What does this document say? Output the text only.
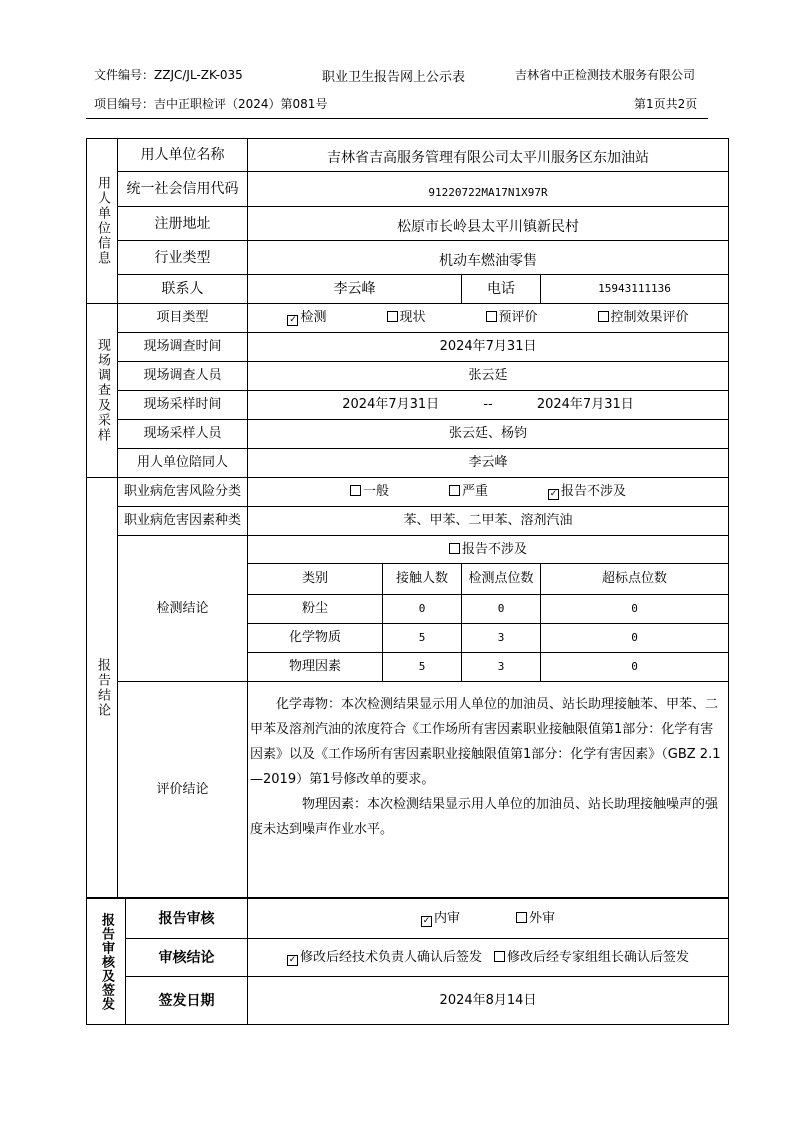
文件编号：ZZJC/JL-ZK-035	职业卫生报告网上公示表	吉林省中正检测技术服务有限公司
项目编号：吉中正职检评（2024）第081号	第1页共2页
用人单位信息	用人单位名称	吉林省吉高服务管理有限公司太平川服务区东加油站			
	统一社会信用代码	91220722MA17N1X97R			
	注册地址	松原市长岭县太平川镇新民村			
	行业类型	机动车燃油零售			
	联系人	李云峰		电话	15943111136
现场调查及采样	项目类型	✓ 检测 现状 预评价 控制效果评价			
	现场调查时间	2024年7月31日			
	现场调查人员	张云廷			
	现场采样时间	2024年7月31日 -- 2024年7月31日			
	现场采样人员	张云廷、杨钧			
	用人单位陪同人	李云峰			
报告结论	职业病危害风险分类	一般 严重 ✓ 报告不涉及			
	职业病危害因素种类	苯、甲苯、二甲苯、溶剂汽油			
	检测结论	报告不涉及			
		类别	接触人数	检测点位数	超标点位数
		粉尘	0	0	0
		化学物质	5	3	0
		物理因素	5	3	0
	评价结论	化学毒物：本次检测结果显示用人单位的加油员、站长助理接触苯、甲苯、二甲苯及溶剂汽油的浓度符合《工作场所有害因素职业接触限值第1部分：化学有害因素》以及《工作场所有害因素职业接触限值第1部分：化学有害因素》（GBZ 2.1—2019）第1号修改单的要求。

物理因素：本次检测结果显示用人单位的加油员、站长助理接触噪声的强度未达到噪声作业水平。			

报告审核及签发	报告审核	✓ 内审 外审
	审核结论	✓ 修改后经技术负责人确认后签发 修改后经专家组组长确认后签发
	签发日期	2024年8月14日
